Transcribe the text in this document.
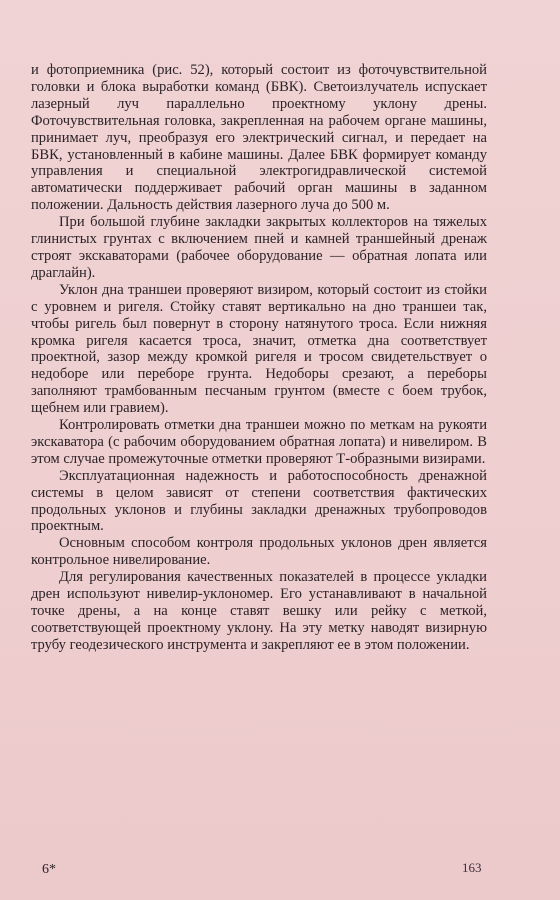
и фотоприемника (рис. 52), который состоит из фоточувствительной головки и блока выработки команд (БВК). Светоизлучатель испускает лазерный луч параллельно проектному уклону дрены. Фоточувствительная головка, закрепленная на рабочем органе машины, принимает луч, преобразуя его электрический сигнал, и передает на БВК, установленный в кабине машины. Далее БВК формирует команду управления и специальной электрогидравлической системой автоматически поддерживает рабочий орган машины в заданном положении. Дальность действия лазерного луча до 500 м.

При большой глубине закладки закрытых коллекторов на тяжелых глинистых грунтах с включением пней и камней траншейный дренаж строят экскаваторами (рабочее оборудование — обратная лопата или драглайн).

Уклон дна траншеи проверяют визиром, который состоит из стойки с уровнем и ригеля. Стойку ставят вертикально на дно траншеи так, чтобы ригель был повернут в сторону натянутого троса. Если нижняя кромка ригеля касается троса, значит, отметка дна соответствует проектной, зазор между кромкой ригеля и тросом свидетельствует о недоборе или переборе грунта. Недоборы срезают, а переборы заполняют трамбованным песчаным грунтом (вместе с боем трубок, щебнем или гравием).

Контролировать отметки дна траншеи можно по меткам на рукояти экскаватора (с рабочим оборудованием обратная лопата) и нивелиром. В этом случае промежуточные отметки проверяют Т-образными визирами.

Эксплуатационная надежность и работоспособность дренажной системы в целом зависят от степени соответствия фактических продольных уклонов и глубины закладки дренажных трубопроводов проектным.

Основным способом контроля продольных уклонов дрен является контрольное нивелирование.

Для регулирования качественных показателей в процессе укладки дрен используют нивелир-уклономер. Его устанавливают в начальной точке дрены, а на конце ставят вешку или рейку с меткой, соответствующей проектному уклону. На эту метку наводят визирную трубу геодезического инструмента и закрепляют ее в этом положении.

6*	163
